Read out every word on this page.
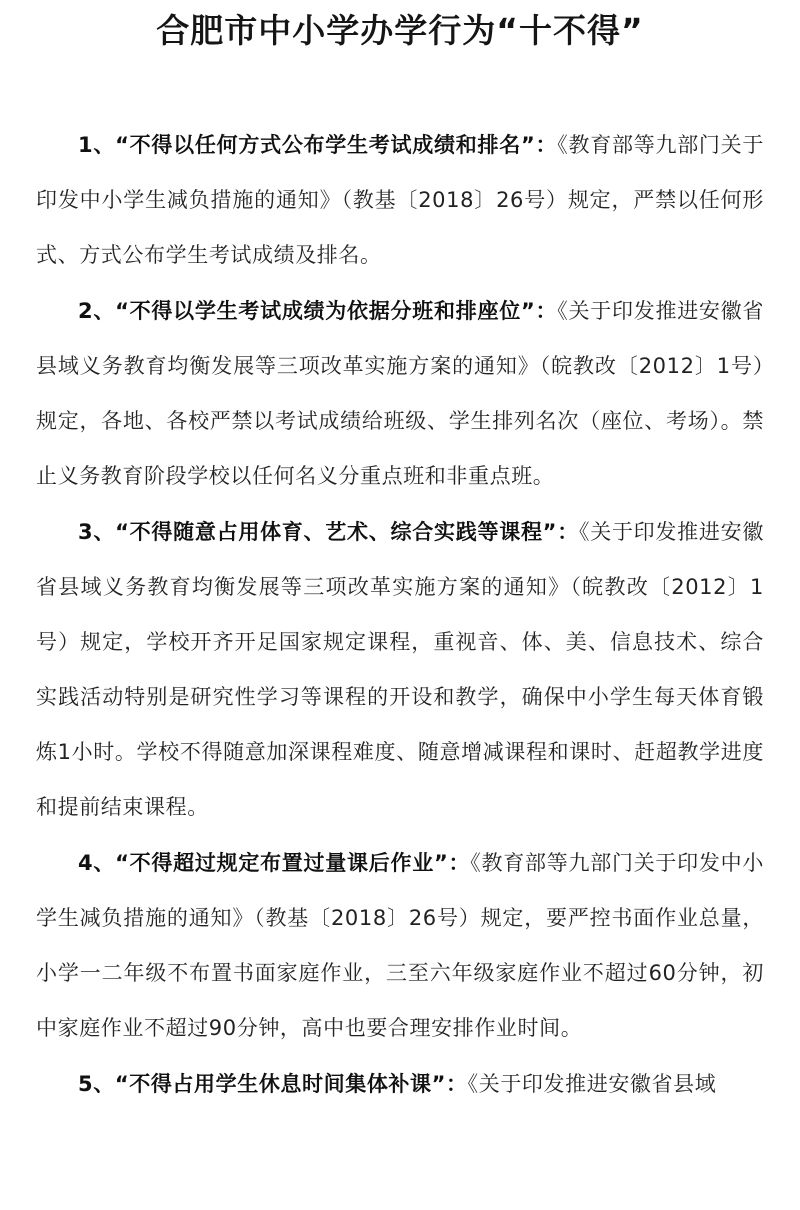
合肥市中小学办学行为“十不得”

1、“不得以任何方式公布学生考试成绩和排名”：《教育部等九部门关于印发中小学生减负措施的通知》（教基〔2018〕26号）规定，严禁以任何形式、方式公布学生考试成绩及排名。

2、“不得以学生考试成绩为依据分班和排座位”：《关于印发推进安徽省县域义务教育均衡发展等三项改革实施方案的通知》（皖教改〔2012〕1号）规定，各地、各校严禁以考试成绩给班级、学生排列名次（座位、考场）。禁止义务教育阶段学校以任何名义分重点班和非重点班。

3、“不得随意占用体育、艺术、综合实践等课程”：《关于印发推进安徽省县域义务教育均衡发展等三项改革实施方案的通知》（皖教改〔2012〕1号）规定，学校开齐开足国家规定课程，重视音、体、美、信息技术、综合实践活动特别是研究性学习等课程的开设和教学，确保中小学生每天体育锻炼1小时。学校不得随意加深课程难度、随意增减课程和课时、赶超教学进度和提前结束课程。

4、“不得超过规定布置过量课后作业”：《教育部等九部门关于印发中小学生减负措施的通知》（教基〔2018〕26号）规定，要严控书面作业总量，小学一二年级不布置书面家庭作业，三至六年级家庭作业不超过60分钟，初中家庭作业不超过90分钟，高中也要合理安排作业时间。

5、“不得占用学生休息时间集体补课”：《关于印发推进安徽省县域
